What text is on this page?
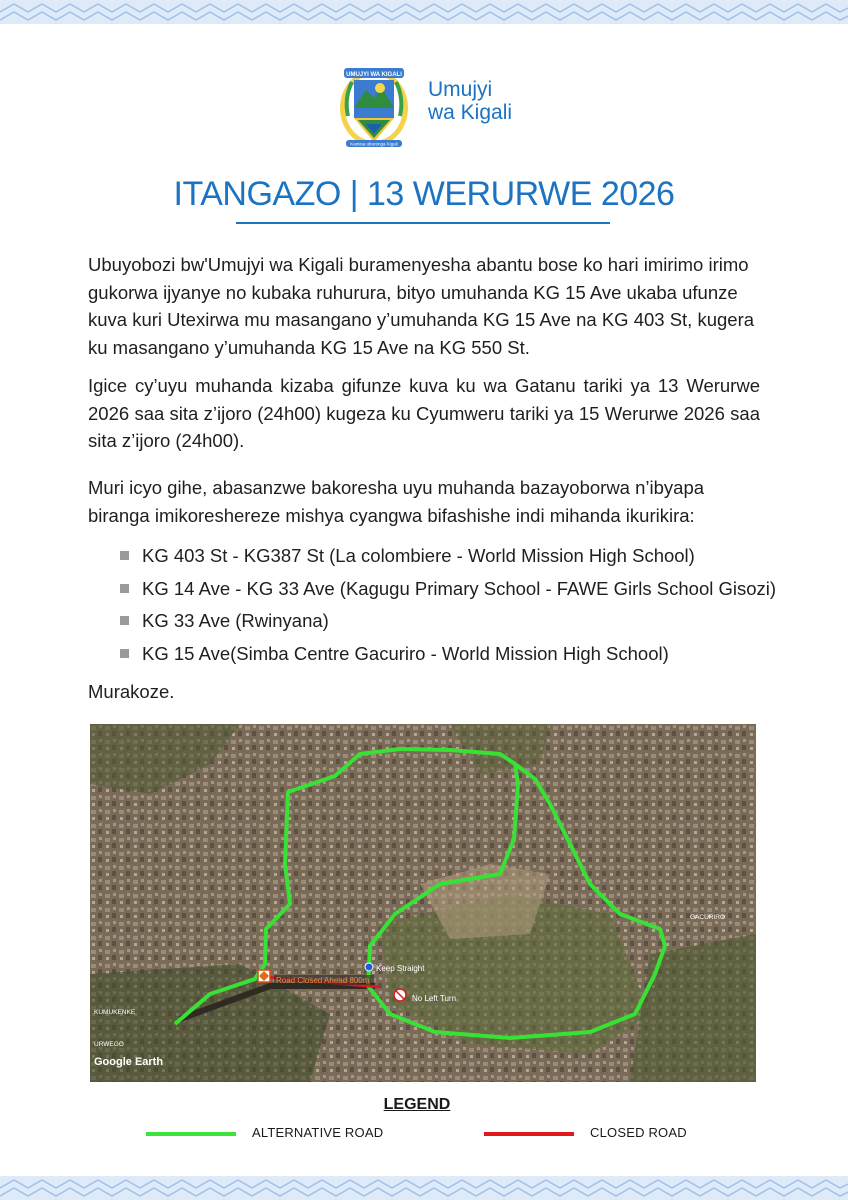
UMUJYI WA KIGALI
Kamisa uburenga Kigali
Umujyi
wa Kigali
ITANGAZO | 13 WERURWE 2026

Ubuyobozi bw'Umujyi wa Kigali buramenyesha abantu bose ko hari imirimo irimo gukorwa ijyanye no kubaka ruhurura, bityo umuhanda KG 15 Ave ukaba ufunze kuva kuri Utexirwa mu masangano y’umuhanda KG 15 Ave na KG 403 St, kugera ku masangano y’umuhanda KG 15 Ave na KG 550 St.

Igice cy’uyu muhanda kizaba gifunze kuva ku wa Gatanu tariki ya 13 Werurwe 2026 saa sita z’ijoro (24h00) kugeza ku Cyumweru tariki ya 15 Werurwe 2026 saa sita z’ijoro (24h00).

Muri icyo gihe, abasanzwe bakoresha uyu muhanda bazayoborwa n’ibyapa biranga imikoreshereze mishya cyangwa bifashishe indi mihanda ikurikira:

KG 403 St - KG387 St (La colombiere - World Mission High School)
KG 14 Ave - KG 33 Ave (Kagugu Primary School - FAWE Girls School Gisozi)
KG 33 Ave (Rwinyana)
KG 15 Ave(Simba Centre Gacuriro - World Mission High School)

Murakoze.

Road Closed Ahead 800m
Keep Straight
No Left Turn
KUMUKENKE
GACURIRO
URWEGO
Google Earth
LEGEND
ALTERNATIVE ROAD	CLOSED ROAD
